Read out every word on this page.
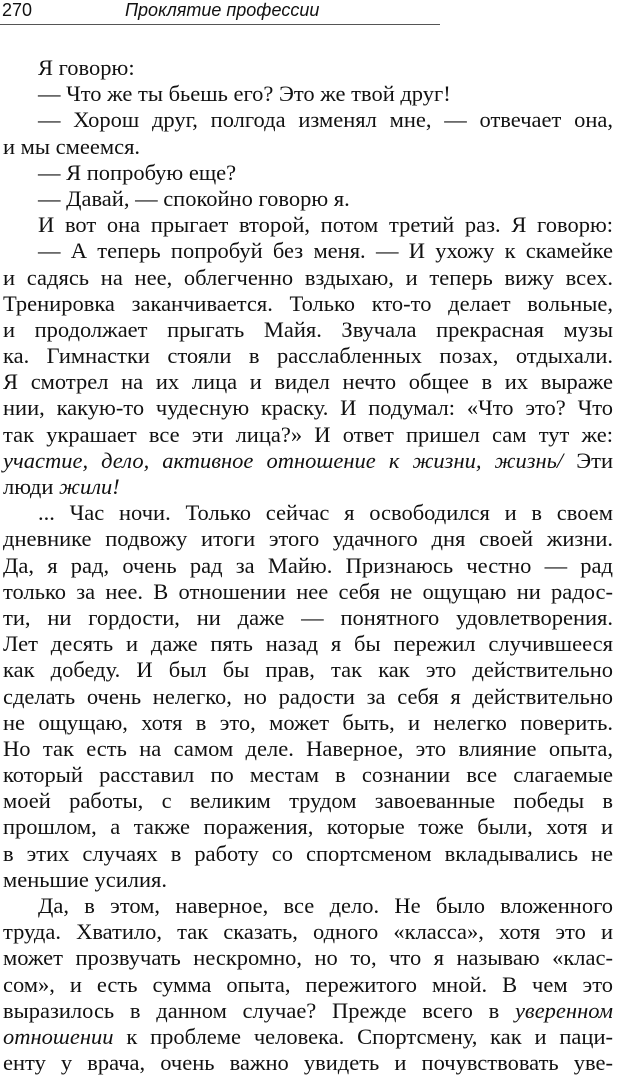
270	Проклятие профессии
Я говорю:
— Что же ты бьешь его? Это же твой друг!
— Хорош друг, полгода изменял мне, — отвечает она,
и мы смеемся.
— Я попробую еще?
— Давай, — спокойно говорю я.
И вот она прыгает второй, потом третий раз. Я говорю:
— А теперь попробуй без меня. — И ухожу к скамейке
и садясь на нее, облегченно вздыхаю, и теперь вижу всех.
Тренировка заканчивается. Только кто-то делает вольные,
и продолжает прыгать Майя. Звучала прекрасная музы
ка. Гимнастки стояли в расслабленных позах, отдыхали.
Я смотрел на их лица и видел нечто общее в их выраже
нии, какую-то чудесную краску. И подумал: «Что это? Что
так украшает все эти лица?» И ответ пришел сам тут же:
участие, дело, активное отношение к жизни, жизнь/ Эти
люди жили!
... Час ночи. Только сейчас я освободился и в своем
дневнике подвожу итоги этого удачного дня своей жизни.
Да, я рад, очень рад за Майю. Признаюсь честно — рад
только за нее. В отношении нее себя не ощущаю ни радос-
ти, ни гордости, ни даже — понятного удовлетворения.
Лет десять и даже пять назад я бы пережил случившееся
как добеду. И был бы прав, так как это действительно
сделать очень нелегко, но радости за себя я действительно
не ощущаю, хотя в это, может быть, и нелегко поверить.
Но так есть на самом деле. Наверное, это влияние опыта,
который расставил по местам в сознании все слагаемые
моей работы, с великим трудом завоеванные победы в
прошлом, а также поражения, которые тоже были, хотя и
в этих случаях в работу со спортсменом вкладывались не
меньшие усилия.
Да, в этом, наверное, все дело. Не было вложенного
труда. Хватило, так сказать, одного «класса», хотя это и
может прозвучать нескромно, но то, что я называю «клас-
сом», и есть сумма опыта, пережитого мной. В чем это
выразилось в данном случае? Прежде всего в уверенном
отношении к проблеме человека. Спортсмену, как и паци-
енту у врача, очень важно увидеть и почувствовать уве-
